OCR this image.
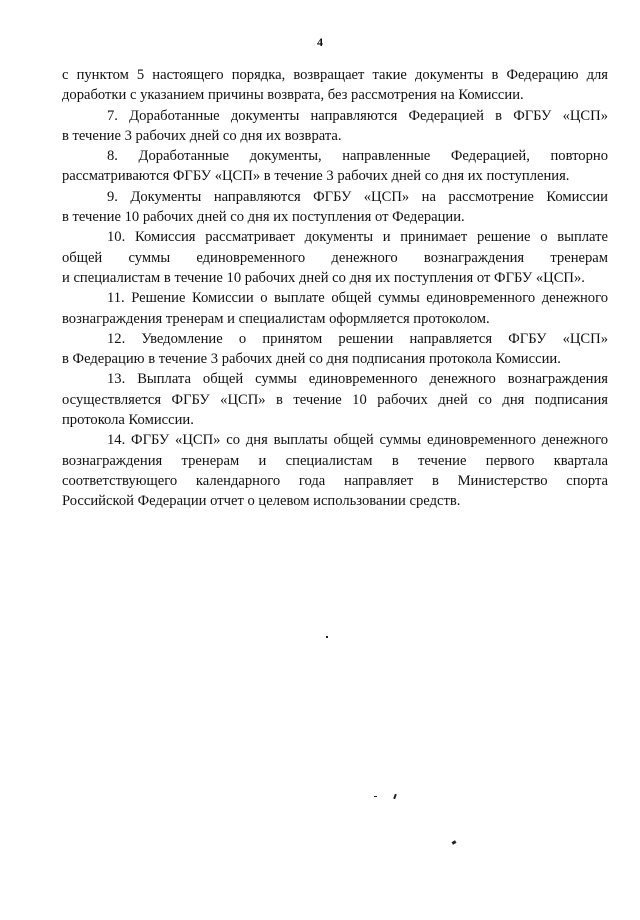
4

с пунктом 5 настоящего порядка, возвращает такие документы в Федерацию для
доработки с указанием причины возврата, без рассмотрения на Комиссии.

7. Доработанные документы направляются Федерацией в ФГБУ «ЦСП»
в течение 3 рабочих дней со дня их возврата.

8. Доработанные документы, направленные Федерацией, повторно
рассматриваются ФГБУ «ЦСП» в течение 3 рабочих дней со дня их поступления.

9. Документы направляются ФГБУ «ЦСП» на рассмотрение Комиссии
в течение 10 рабочих дней со дня их поступления от Федерации.

10. Комиссия рассматривает документы и принимает решение о выплате
общей суммы единовременного денежного вознаграждения тренерам
и специалистам в течение 10 рабочих дней со дня их поступления от ФГБУ «ЦСП».

11. Решение Комиссии о выплате общей суммы единовременного денежного
вознаграждения тренерам и специалистам оформляется протоколом.

12. Уведомление о принятом решении направляется ФГБУ «ЦСП»
в Федерацию в течение 3 рабочих дней со дня подписания протокола Комиссии.

13. Выплата общей суммы единовременного денежного вознаграждения
осуществляется ФГБУ «ЦСП» в течение 10 рабочих дней со дня подписания
протокола Комиссии.

14. ФГБУ «ЦСП» со дня выплаты общей суммы единовременного денежного
вознаграждения тренерам и специалистам в течение первого квартала
соответствующего календарного года направляет в Министерство спорта
Российской Федерации отчет о целевом использовании средств.
